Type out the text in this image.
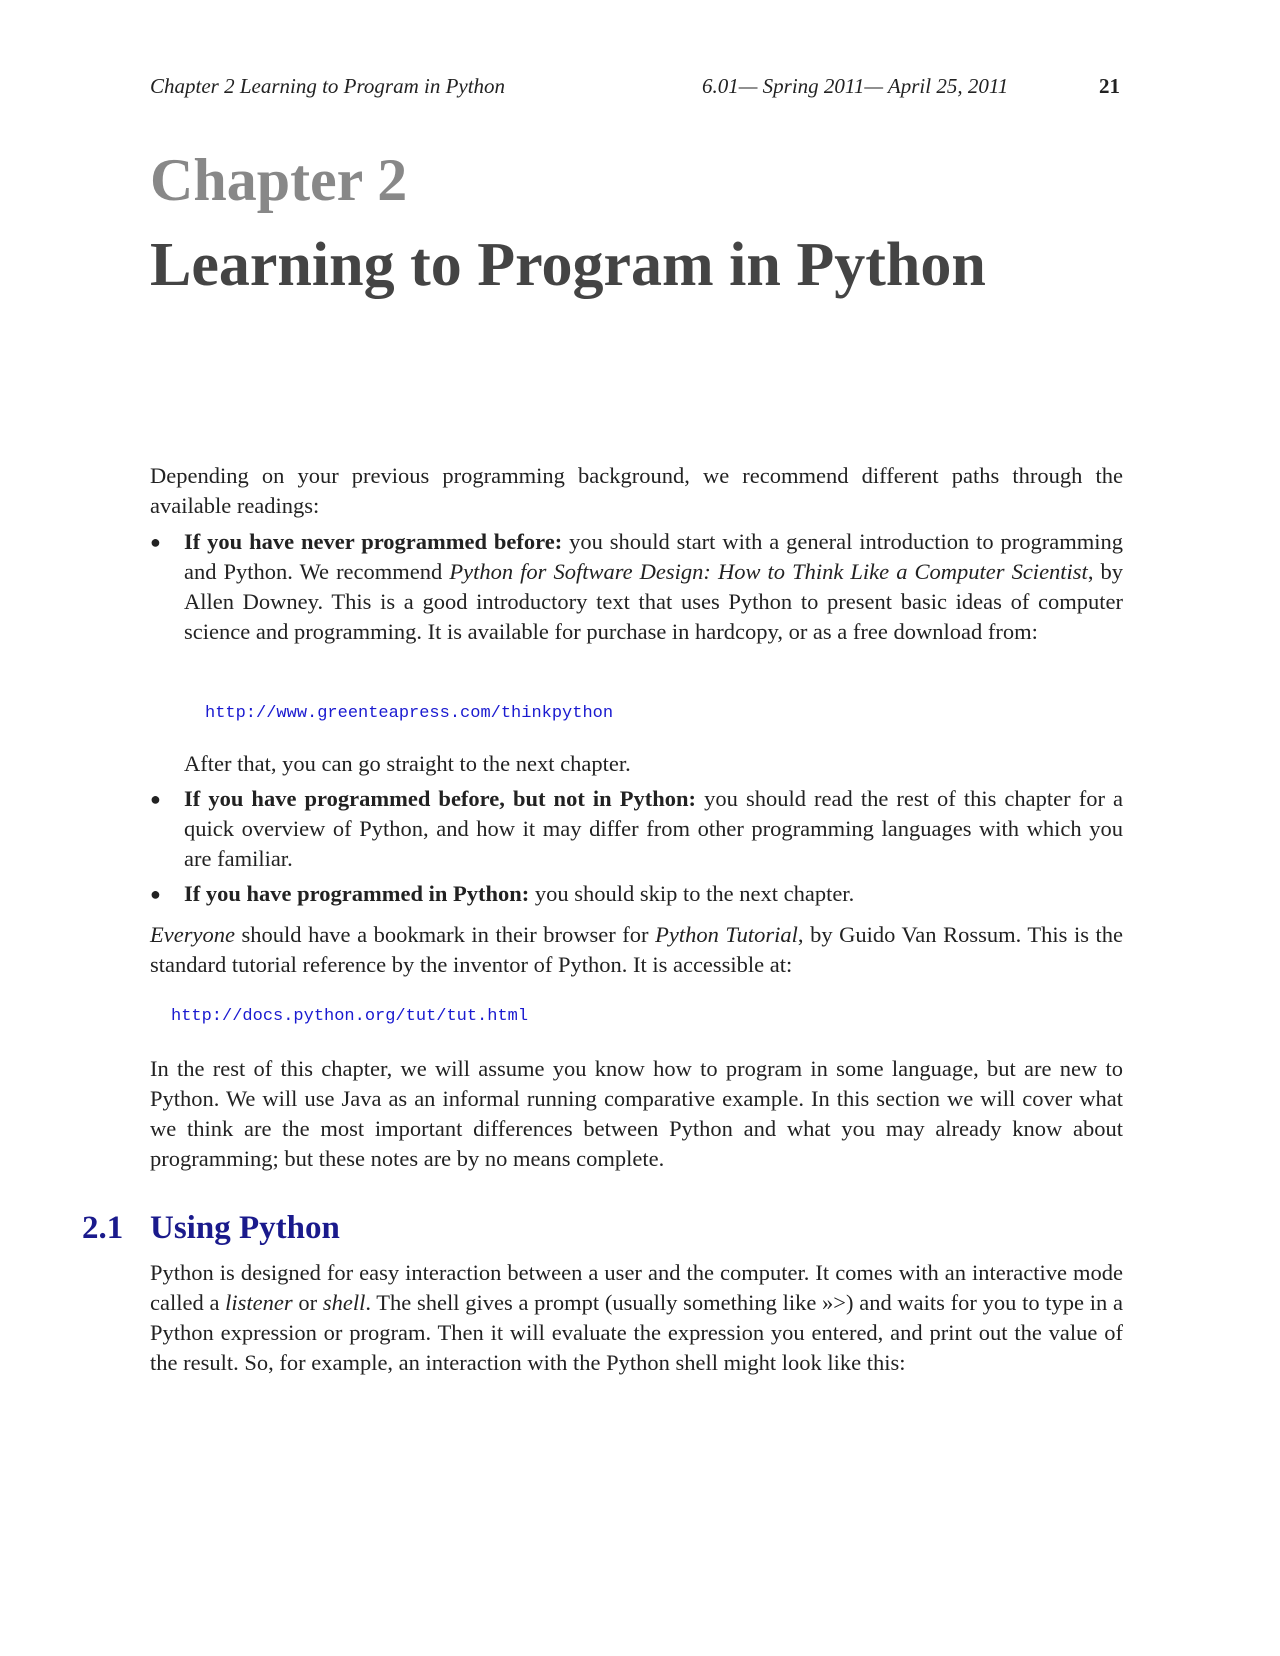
Chapter 2 Learning to Program in Python	6.01— Spring 2011— April 25, 2011	21
Chapter 2
Learning to Program in Python
Depending on your previous programming background, we recommend different paths through the available readings:
● If you have never programmed before: you should start with a general introduction to programming and Python. We recommend Python for Software Design: How to Think Like a Computer Scientist, by Allen Downey. This is a good introductory text that uses Python to present basic ideas of computer science and programming. It is available for purchase in hardcopy, or as a free download from:
http://www.greenteapress.com/thinkpython
After that, you can go straight to the next chapter.
● If you have programmed before, but not in Python: you should read the rest of this chapter for a quick overview of Python, and how it may differ from other programming languages with which you are familiar.
● If you have programmed in Python: you should skip to the next chapter.
Everyone should have a bookmark in their browser for Python Tutorial, by Guido Van Rossum. This is the standard tutorial reference by the inventor of Python. It is accessible at:
http://docs.python.org/tut/tut.html
In the rest of this chapter, we will assume you know how to program in some language, but are new to Python. We will use Java as an informal running comparative example. In this section we will cover what we think are the most important differences between Python and what you may already know about programming; but these notes are by no means complete.
2.1 Using Python
Python is designed for easy interaction between a user and the computer. It comes with an interactive mode called a listener or shell. The shell gives a prompt (usually something like »>) and waits for you to type in a Python expression or program. Then it will evaluate the expression you entered, and print out the value of the result. So, for example, an interaction with the Python shell might look like this:
